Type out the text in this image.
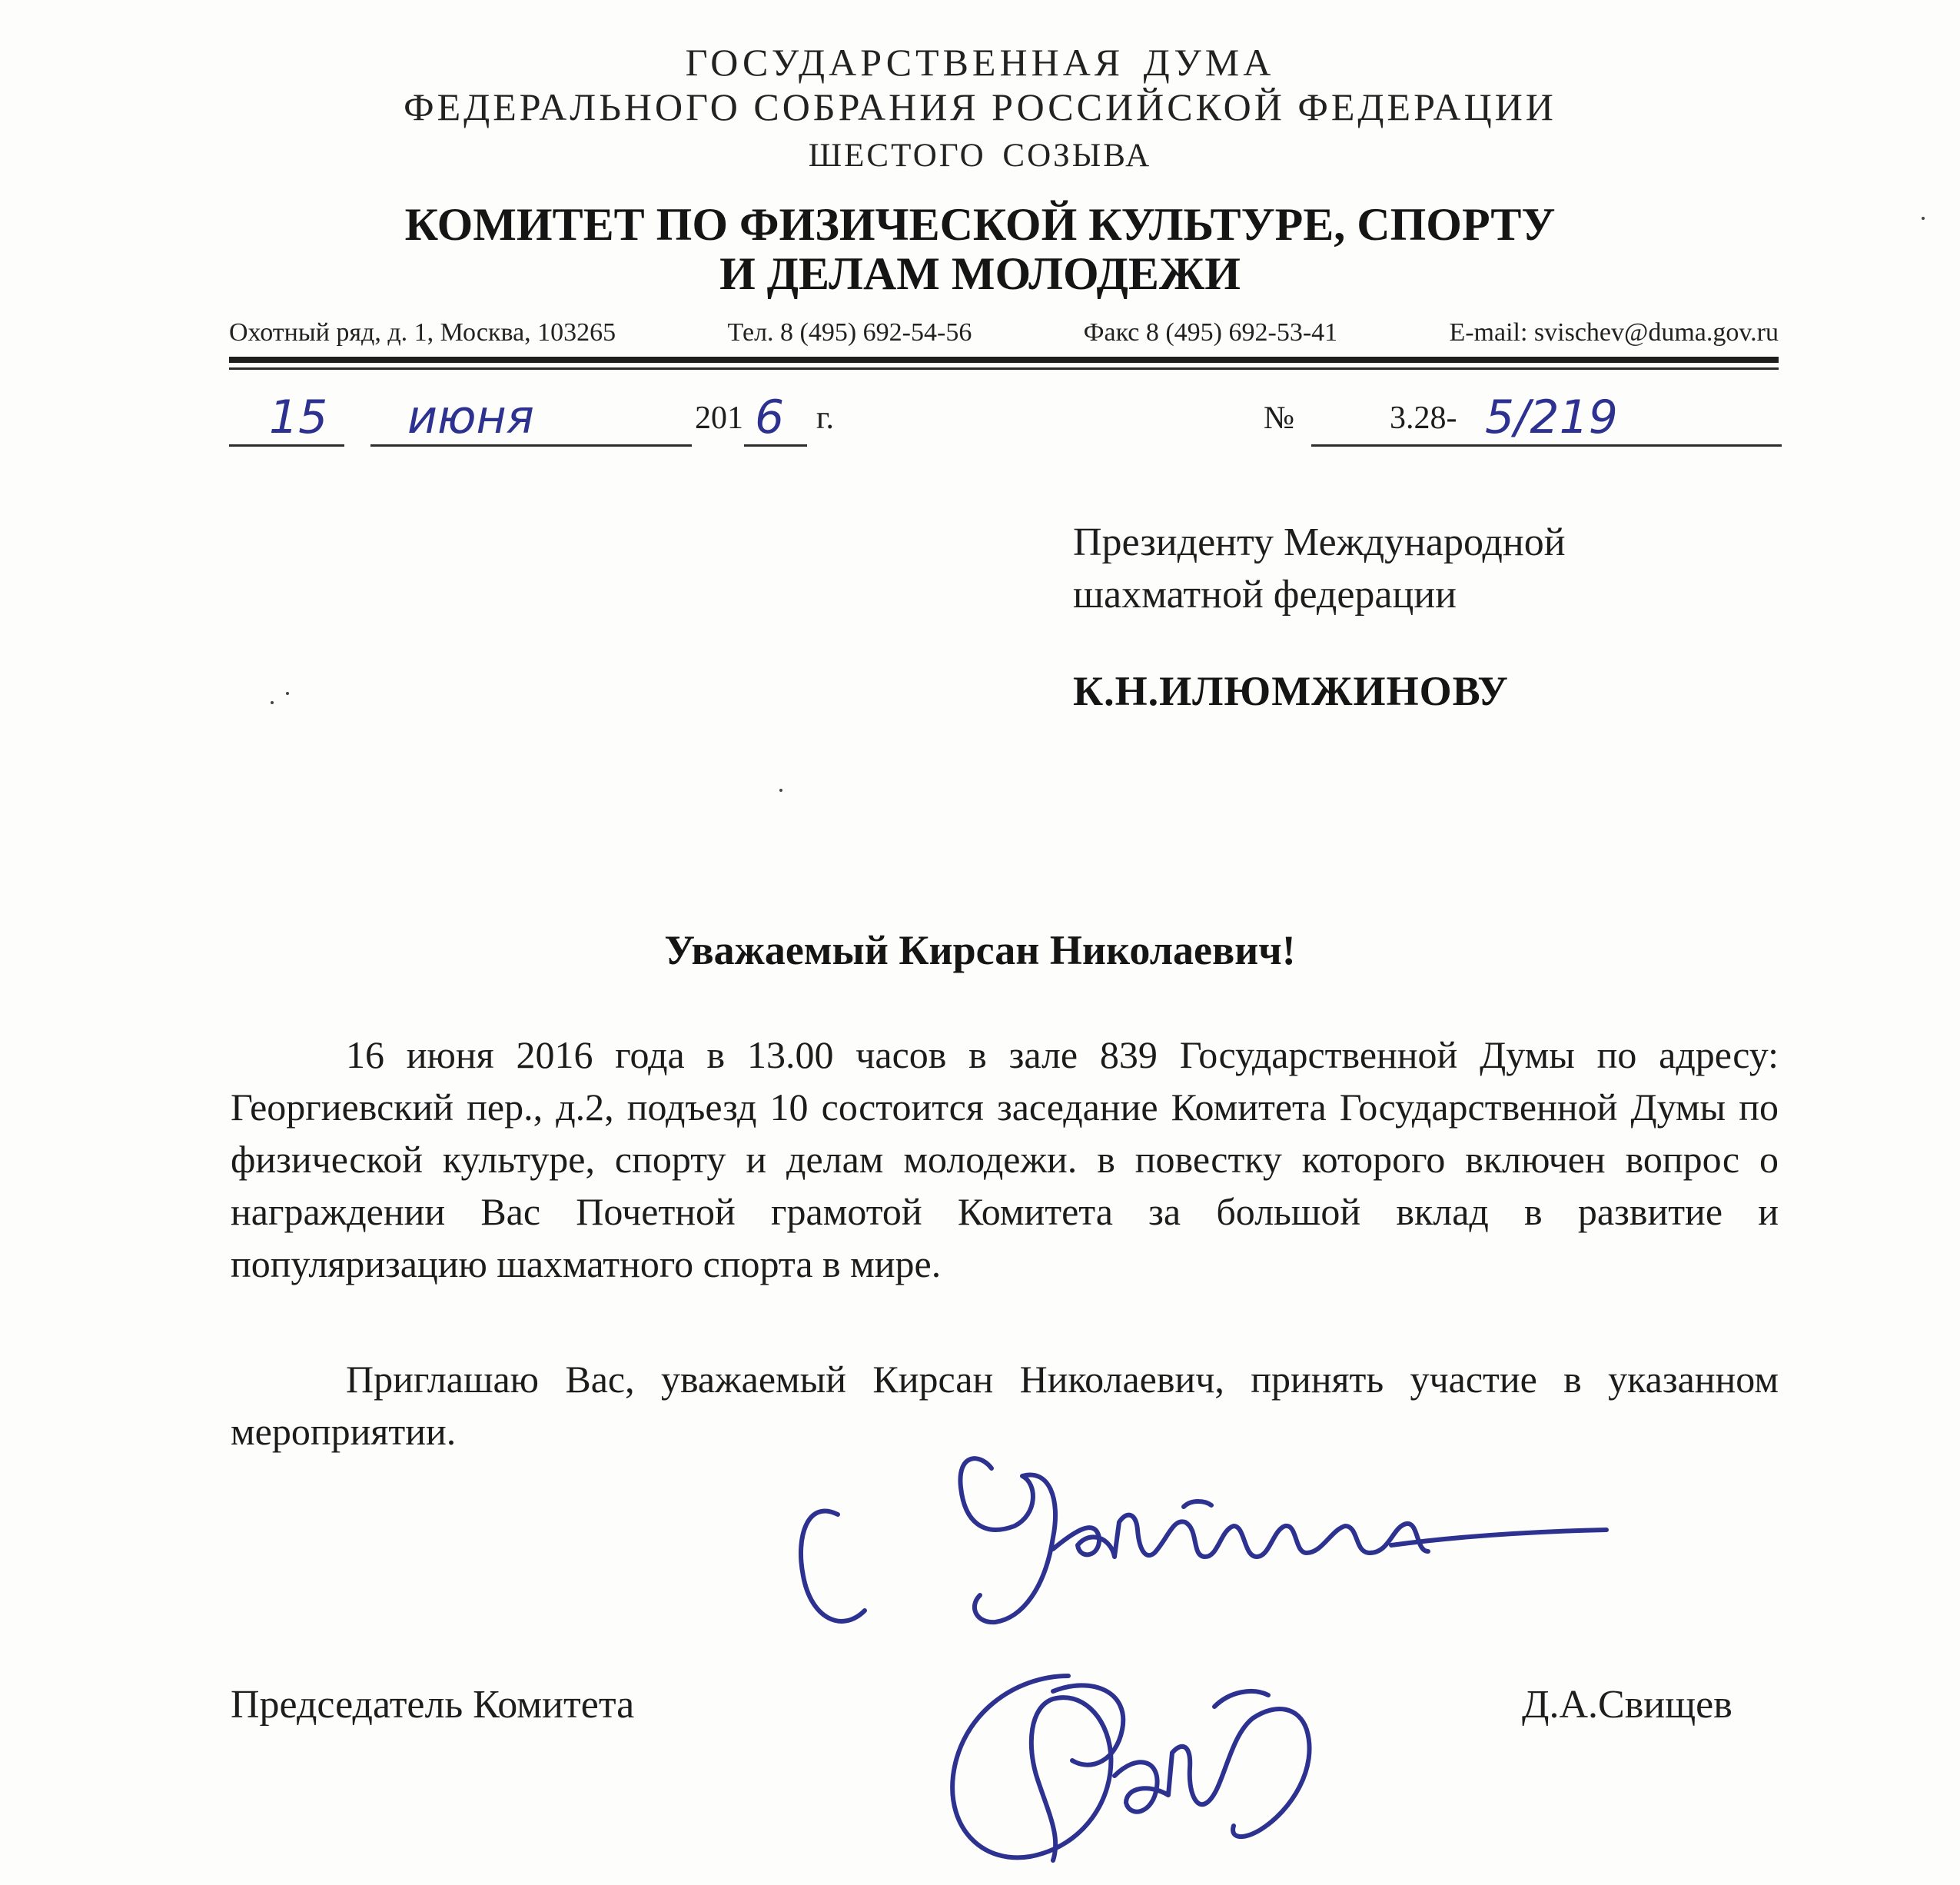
ГОСУДАРСТВЕННАЯ ДУМА
ФЕДЕРАЛЬНОГО СОБРАНИЯ РОССИЙСКОЙ ФЕДЕРАЦИИ
ШЕСТОГО СОЗЫВА
КОМИТЕТ ПО ФИЗИЧЕСКОЙ КУЛЬТУРЕ, СПОРТУ
И ДЕЛАМ МОЛОДЕЖИ
Охотный ряд, д. 1, Москва, 103265	Тел. 8 (495) 692-54-56	Факс 8 (495) 692-53-41	E-mail: svischev@duma.gov.ru
15 июня	201 6 г.	№	3.28- 5/219
Президенту Международной
шахматной федерации
К.Н.ИЛЮМЖИНОВУ
Уважаемый Кирсан Николаевич!
16 июня 2016 года в 13.00 часов в зале 839 Государственной Думы по адресу: Георгиевский пер., д.2, подъезд 10 состоится заседание Комитета Государственной Думы по физической культуре, спорту и делам молодежи. в повестку которого включен вопрос о награждении Вас Почетной грамотой Комитета за большой вклад в развитие и популяризацию шахматного спорта в мире.
Приглашаю Вас, уважаемый Кирсан Николаевич, принять участие в указанном мероприятии.
Председатель Комитета	Д.А.Свищев
